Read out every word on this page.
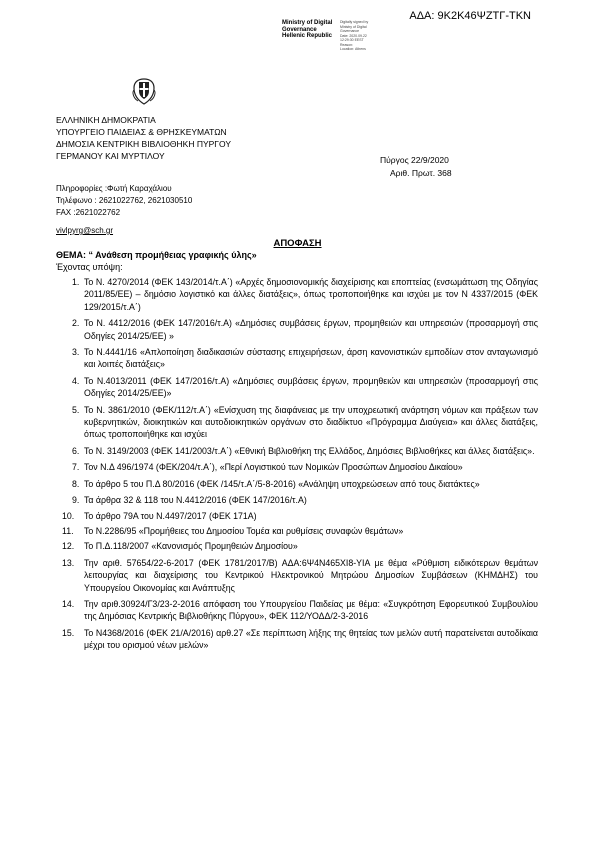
ΑΔΑ: 9Κ2Κ46ΨΖΤΓ-ΤΚΝ
Ministry of Digital
Governance
Hellenic Republic
Digitally signed by
Ministry of Digital
Governance
Date: 2020.09.22
12:29:30 EEST
Reason:
Location: Athens
ΕΛΛΗΝΙΚΗ ΔΗΜΟΚΡΑΤΙΑ
ΥΠΟΥΡΓΕΙΟ ΠΑΙΔΕΙΑΣ & ΘΡΗΣΚΕΥΜΑΤΩΝ
ΔΗΜΟΣΙΑ ΚΕΝΤΡΙΚΗ ΒΙΒΛΙΟΘΗΚΗ ΠΥΡΓΟΥ
ΓΕΡΜΑΝΟΥ ΚΑΙ ΜΥΡΤΙΛΟΥ	Πύργος 22/9/2020
Αριθ. Πρωτ. 368
Πληροφορίες :Φωτή Καραχάλιου
Τηλέφωνο : 2621022762, 2621030510
FAX :2621022762
vivlpyrg@sch.gr
ΑΠΟΦΑΣΗ
ΘΕΜΑ: “ Ανάθεση προμήθειας γραφικής ύλης»
Έχοντας υπόψη:
1. Το Ν. 4270/2014 (ΦΕΚ 143/2014/τ.Α΄) «Αρχές δημοσιονομικής διαχείρισης και εποπτείας (ενσωμάτωση της Οδηγίας 2011/85/ΕΕ) – δημόσιο λογιστικό και άλλες διατάξεις», όπως τροποποιήθηκε και ισχύει με τον Ν 4337/2015 (ΦΕΚ 129/2015/τ.Α΄)
2. Το Ν. 4412/2016 (ΦΕΚ 147/2016/τ.Α) «Δημόσιες συμβάσεις έργων, προμηθειών και υπηρεσιών (προσαρμογή στις Οδηγίες 2014/25/ΕΕ) »
3. Το Ν.4441/16 «Απλοποίηση διαδικασιών σύστασης επιχειρήσεων, άρση κανονιστικών εμποδίων στον ανταγωνισμό και λοιπές διατάξεις»
4. Το Ν.4013/2011 (ΦΕΚ 147/2016/τ.Α) «Δημόσιες συμβάσεις έργων, προμηθειών και υπηρεσιών (προσαρμογή στις Οδηγίες 2014/25/ΕΕ)»
5. Το Ν. 3861/2010 (ΦΕΚ/112/τ.Α΄) «Ενίσχυση της διαφάνειας με την υποχρεωτική ανάρτηση νόμων και πράξεων των κυβερνητικών, διοικητικών και αυτοδιοικητικών οργάνων στο διαδίκτυο «Πρόγραμμα Διαύγεια» και άλλες διατάξεις, όπως τροποποιήθηκε και ισχύει
6. Το Ν. 3149/2003 (ΦΕΚ 141/2003/τ.Α΄) «Εθνική Βιβλιοθήκη της Ελλάδος, Δημόσιες Βιβλιοθήκες και άλλες διατάξεις».
7. Τον Ν.Δ 496/1974 (ΦΕΚ/204/τ.Α΄), «Περί Λογιστικού των Νομικών Προσώπων Δημοσίου Δικαίου»
8. Το άρθρο 5 του Π.Δ 80/2016 (ΦΕΚ /145/τ.Α΄/5-8-2016) «Ανάληψη υποχρεώσεων από τους διατάκτες»
9. Τα άρθρα 32 & 118 του Ν.4412/2016 (ΦΕΚ 147/2016/τ.Α)
10. Το άρθρο 79Α του Ν.4497/2017 (ΦΕΚ 171Α)
11. Το Ν.2286/95 «Προμήθειες του Δημοσίου Τομέα και ρυθμίσεις συναφών θεμάτων»
12. Το Π.Δ.118/2007 «Κανονισμός Προμηθειών Δημοσίου»
13. Την αριθ. 57654/22-6-2017 (ΦΕΚ 1781/2017/Β) ΑΔΑ:6Ψ4Ν465ΧΙ8-ΥΙΑ με θέμα «Ρύθμιση ειδικότερων θεμάτων λειτουργίας και διαχείρισης του Κεντρικού Ηλεκτρονικού Μητρώου Δημοσίων Συμβάσεων (ΚΗΜΔΗΣ) του Υπουργείου Οικονομίας και Ανάπτυξης
14. Την αριθ.30924/Γ3/23-2-2016 απόφαση του Υπουργείου Παιδείας με θέμα: «Συγκρότηση Εφορευτικού Συμβουλίου της Δημόσιας Κεντρικής Βιβλιοθήκης Πύργου», ΦΕΚ 112/ΥΟΔΔ/2-3-2016
15. Το Ν4368/2016 (ΦΕΚ 21/Α/2016) αρθ.27 «Σε περίπτωση λήξης της θητείας των μελών αυτή παρατείνεται αυτοδίκαια μέχρι του ορισμού νέων μελών»
